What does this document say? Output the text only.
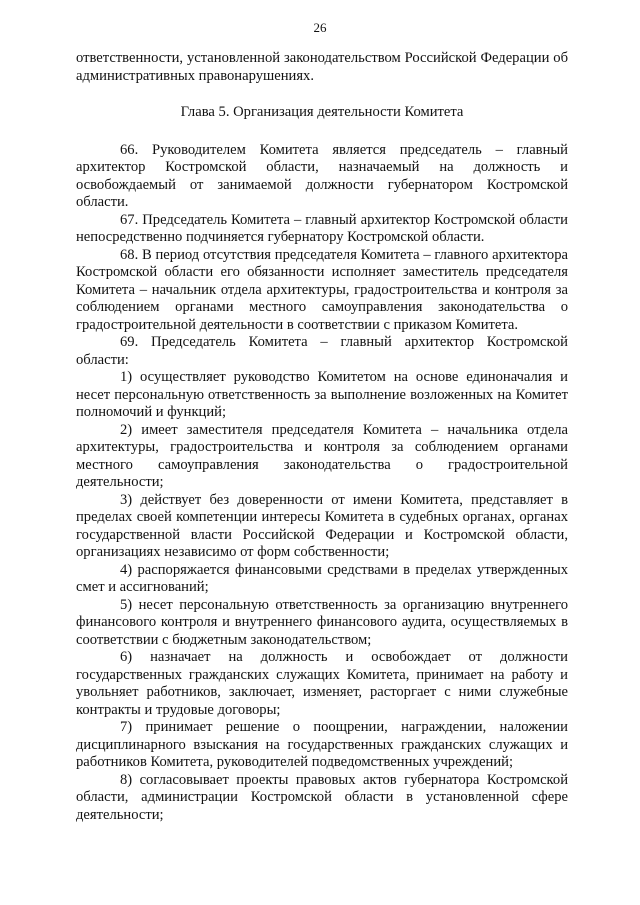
26

ответственности, установленной законодательством Российской Федерации об административных правонарушениях.

Глава 5. Организация деятельности Комитета

66. Руководителем Комитета является председатель – главный архитектор Костромской области, назначаемый на должность и освобождаемый от занимаемой должности губернатором Костромской области.

67. Председатель Комитета – главный архитектор Костромской области непосредственно подчиняется губернатору Костромской области.

68. В период отсутствия председателя Комитета – главного архитектора Костромской области его обязанности исполняет заместитель председателя Комитета – начальник отдела архитектуры, градостроительства и контроля за соблюдением органами местного самоуправления законодательства о градостроительной деятельности в соответствии с приказом Комитета.

69. Председатель Комитета – главный архитектор Костромской области:

1) осуществляет руководство Комитетом на основе единоначалия и несет персональную ответственность за выполнение возложенных на Комитет полномочий и функций;

2) имеет заместителя председателя Комитета – начальника отдела архитектуры, градостроительства и контроля за соблюдением органами местного самоуправления законодательства о градостроительной деятельности;

3) действует без доверенности от имени Комитета, представляет в пределах своей компетенции интересы Комитета в судебных органах, органах государственной власти Российской Федерации и Костромской области, организациях независимо от форм собственности;

4) распоряжается финансовыми средствами в пределах утвержденных смет и ассигнований;

5) несет персональную ответственность за организацию внутреннего финансового контроля и внутреннего финансового аудита, осуществляемых в соответствии с бюджетным законодательством;

6) назначает на должность и освобождает от должности государственных гражданских служащих Комитета, принимает на работу и увольняет работников, заключает, изменяет, расторгает с ними служебные контракты и трудовые договоры;

7) принимает решение о поощрении, награждении, наложении дисциплинарного взыскания на государственных гражданских служащих и работников Комитета, руководителей подведомственных учреждений;

8) согласовывает проекты правовых актов губернатора Костромской области, администрации Костромской области в установленной сфере деятельности;
